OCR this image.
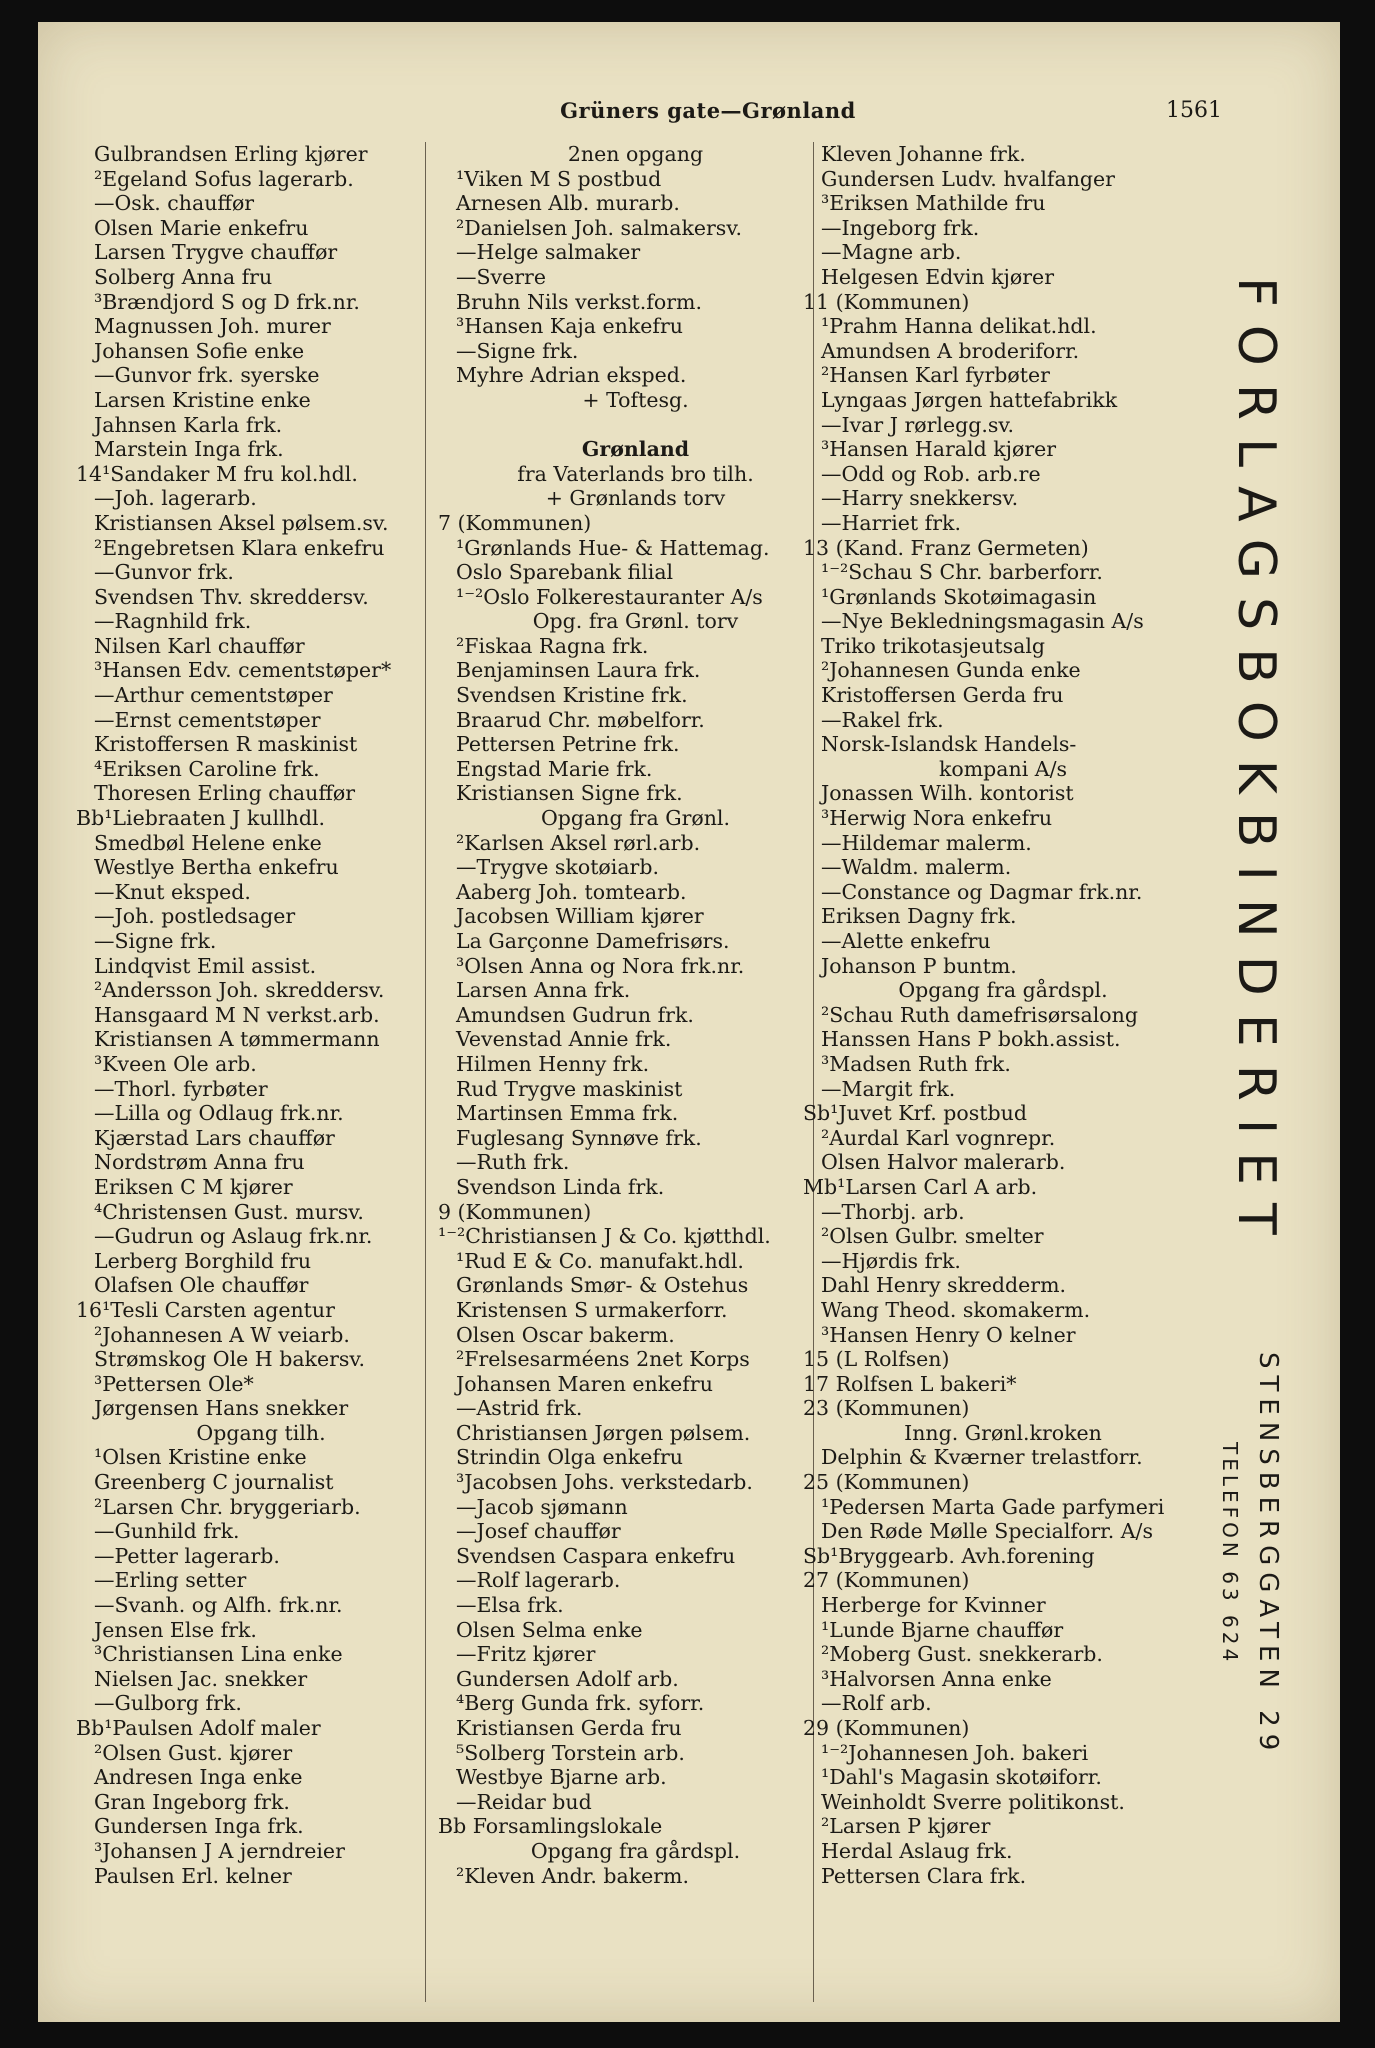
Grüners gate—Grønland	1561
Gulbrandsen Erling kjører
²Egeland Sofus lagerarb.
—Osk. chauffør
Olsen Marie enkefru
Larsen Trygve chauffør
Solberg Anna fru
³Brændjord S og D frk.nr.
Magnussen Joh. murer
Johansen Sofie enke
—Gunvor frk. syerske
Larsen Kristine enke
Jahnsen Karla frk.
Marstein Inga frk.
14¹Sandaker M fru kol.hdl.
—Joh. lagerarb.
Kristiansen Aksel pølsem.sv.
²Engebretsen Klara enkefru
—Gunvor frk.
Svendsen Thv. skreddersv.
—Ragnhild frk.
Nilsen Karl chauffør
³Hansen Edv. cementstøper*
—Arthur cementstøper
—Ernst cementstøper
Kristoffersen R maskinist
⁴Eriksen Caroline frk.
Thoresen Erling chauffør
Bb¹Liebraaten J kullhdl.
Smedbøl Helene enke
Westlye Bertha enkefru
—Knut eksped.
—Joh. postledsager
—Signe frk.
Lindqvist Emil assist.
²Andersson Joh. skreddersv.
Hansgaard M N verkst.arb.
Kristiansen A tømmermann
³Kveen Ole arb.
—Thorl. fyrbøter
—Lilla og Odlaug frk.nr.
Kjærstad Lars chauffør
Nordstrøm Anna fru
Eriksen C M kjører
⁴Christensen Gust. mursv.
—Gudrun og Aslaug frk.nr.
Lerberg Borghild fru
Olafsen Ole chauffør
16¹Tesli Carsten agentur
²Johannesen A W veiarb.
Strømskog Ole H bakersv.
³Pettersen Ole*
Jørgensen Hans snekker
Opgang tilh.
¹Olsen Kristine enke
Greenberg C journalist
²Larsen Chr. bryggeriarb.
—Gunhild frk.
—Petter lagerarb.
—Erling setter
—Svanh. og Alfh. frk.nr.
Jensen Else frk.
³Christiansen Lina enke
Nielsen Jac. snekker
—Gulborg frk.
Bb¹Paulsen Adolf maler
²Olsen Gust. kjører
Andresen Inga enke
Gran Ingeborg frk.
Gundersen Inga frk.
³Johansen J A jerndreier
Paulsen Erl. kelner
2nen opgang
¹Viken M S postbud
Arnesen Alb. murarb.
²Danielsen Joh. salmakersv.
—Helge salmaker
—Sverre
Bruhn Nils verkst.form.
³Hansen Kaja enkefru
—Signe frk.
Myhre Adrian eksped.
+ Toftesg.
Grønland
fra Vaterlands bro tilh.
+ Grønlands torv
7 (Kommunen)
¹Grønlands Hue- & Hattemag.
Oslo Sparebank filial
¹⁻²Oslo Folkerestauranter A/s
Opg. fra Grønl. torv
²Fiskaa Ragna frk.
Benjaminsen Laura frk.
Svendsen Kristine frk.
Braarud Chr. møbelforr.
Pettersen Petrine frk.
Engstad Marie frk.
Kristiansen Signe frk.
Opgang fra Grønl.
²Karlsen Aksel rørl.arb.
—Trygve skotøiarb.
Aaberg Joh. tomtearb.
Jacobsen William kjører
La Garçonne Damefrisørs.
³Olsen Anna og Nora frk.nr.
Larsen Anna frk.
Amundsen Gudrun frk.
Vevenstad Annie frk.
Hilmen Henny frk.
Rud Trygve maskinist
Martinsen Emma frk.
Fuglesang Synnøve frk.
—Ruth frk.
Svendson Linda frk.
9 (Kommunen)
¹⁻²Christiansen J & Co. kjøtthdl.
¹Rud E & Co. manufakt.hdl.
Grønlands Smør- & Ostehus
Kristensen S urmakerforr.
Olsen Oscar bakerm.
²Frelsesarméens 2net Korps
Johansen Maren enkefru
—Astrid frk.
Christiansen Jørgen pølsem.
Strindin Olga enkefru
³Jacobsen Johs. verkstedarb.
—Jacob sjømann
—Josef chauffør
Svendsen Caspara enkefru
—Rolf lagerarb.
—Elsa frk.
Olsen Selma enke
—Fritz kjører
Gundersen Adolf arb.
⁴Berg Gunda frk. syforr.
Kristiansen Gerda fru
⁵Solberg Torstein arb.
Westbye Bjarne arb.
—Reidar bud
Bb Forsamlingslokale
Opgang fra gårdspl.
²Kleven Andr. bakerm.
Kleven Johanne frk.
Gundersen Ludv. hvalfanger
³Eriksen Mathilde fru
—Ingeborg frk.
—Magne arb.
Helgesen Edvin kjører
11 (Kommunen)
¹Prahm Hanna delikat.hdl.
Amundsen A broderiforr.
²Hansen Karl fyrbøter
Lyngaas Jørgen hattefabrikk
—Ivar J rørlegg.sv.
³Hansen Harald kjører
—Odd og Rob. arb.re
—Harry snekkersv.
—Harriet frk.
13 (Kand. Franz Germeten)
¹⁻²Schau S Chr. barberforr.
¹Grønlands Skotøimagasin
—Nye Bekledningsmagasin A/s
Triko trikotasjeutsalg
²Johannesen Gunda enke
Kristoffersen Gerda fru
—Rakel frk.
Norsk-Islandsk Handels-
kompani A/s
Jonassen Wilh. kontorist
³Herwig Nora enkefru
—Hildemar malerm.
—Waldm. malerm.
—Constance og Dagmar frk.nr.
Eriksen Dagny frk.
—Alette enkefru
Johanson P buntm.
Opgang fra gårdspl.
²Schau Ruth damefrisørsalong
Hanssen Hans P bokh.assist.
³Madsen Ruth frk.
—Margit frk.
Sb¹Juvet Krf. postbud
²Aurdal Karl vognrepr.
Olsen Halvor malerarb.
Mb¹Larsen Carl A arb.
—Thorbj. arb.
²Olsen Gulbr. smelter
—Hjørdis frk.
Dahl Henry skredderm.
Wang Theod. skomakerm.
³Hansen Henry O kelner
15 (L Rolfsen)
17 Rolfsen L bakeri*
23 (Kommunen)
Inng. Grønl.kroken
Delphin & Kværner trelastforr.
25 (Kommunen)
¹Pedersen Marta Gade parfymeri
Den Røde Mølle Specialforr. A/s
Sb¹Bryggearb. Avh.forening
27 (Kommunen)
Herberge for Kvinner
¹Lunde Bjarne chauffør
²Moberg Gust. snekkerarb.
³Halvorsen Anna enke
—Rolf arb.
29 (Kommunen)
¹⁻²Johannesen Joh. bakeri
¹Dahl's Magasin skotøiforr.
Weinholdt Sverre politikonst.
²Larsen P kjører
Herdal Aslaug frk.
Pettersen Clara frk.
FORLAGSBOKBINDERIET
STENSBERGGATEN 29
TELEFON 63 624
